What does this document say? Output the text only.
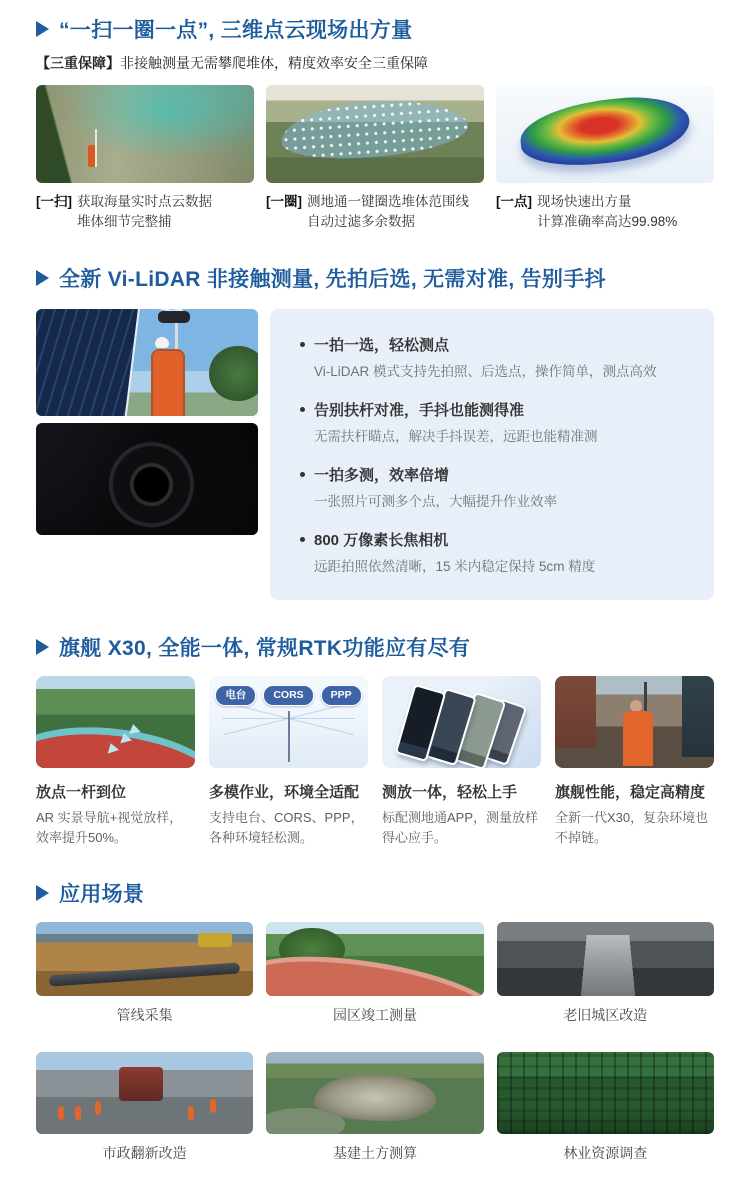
“一扫一圈一点”, 三维点云现场出方量

【三重保障】非接触测量无需攀爬堆体，精度效率安全三重保障

[一扫] 获取海量实时点云数据
堆体细节完整捕
[一圈] 测地通一键圈选堆体范围线
自动过滤多余数据
[一点] 现场快速出方量
计算准确率高达99.98%
全新 Vi-LiDAR 非接触测量, 先拍后选, 无需对准, 告别手抖
一拍一选，轻松测点
Vi-LiDAR 模式支持先拍照、后选点，操作简单，测点高效
告别扶杆对准，手抖也能测得准
无需扶杆瞄点，解决手抖误差，远距也能精准测
一拍多测，效率倍增
一张照片可测多个点，大幅提升作业效率
800 万像素长焦相机
远距拍照依然清晰，15 米内稳定保持 5cm 精度
旗舰 X30, 全能一体, 常规RTK功能应有尽有
放点一杆到位
AR 实景导航+视觉放样，效率提升50%。
电台	CORS	PPP
多模作业，环境全适配
支持电台、CORS、PPP，各种环境轻松测。
测放一体，轻松上手
标配测地通APP，测量放样得心应手。
旗舰性能，稳定高精度
全新一代X30，复杂环境也不掉链。
应用场景
管线采集	园区竣工测量	老旧城区改造
市政翻新改造	基建土方测算	林业资源调查
